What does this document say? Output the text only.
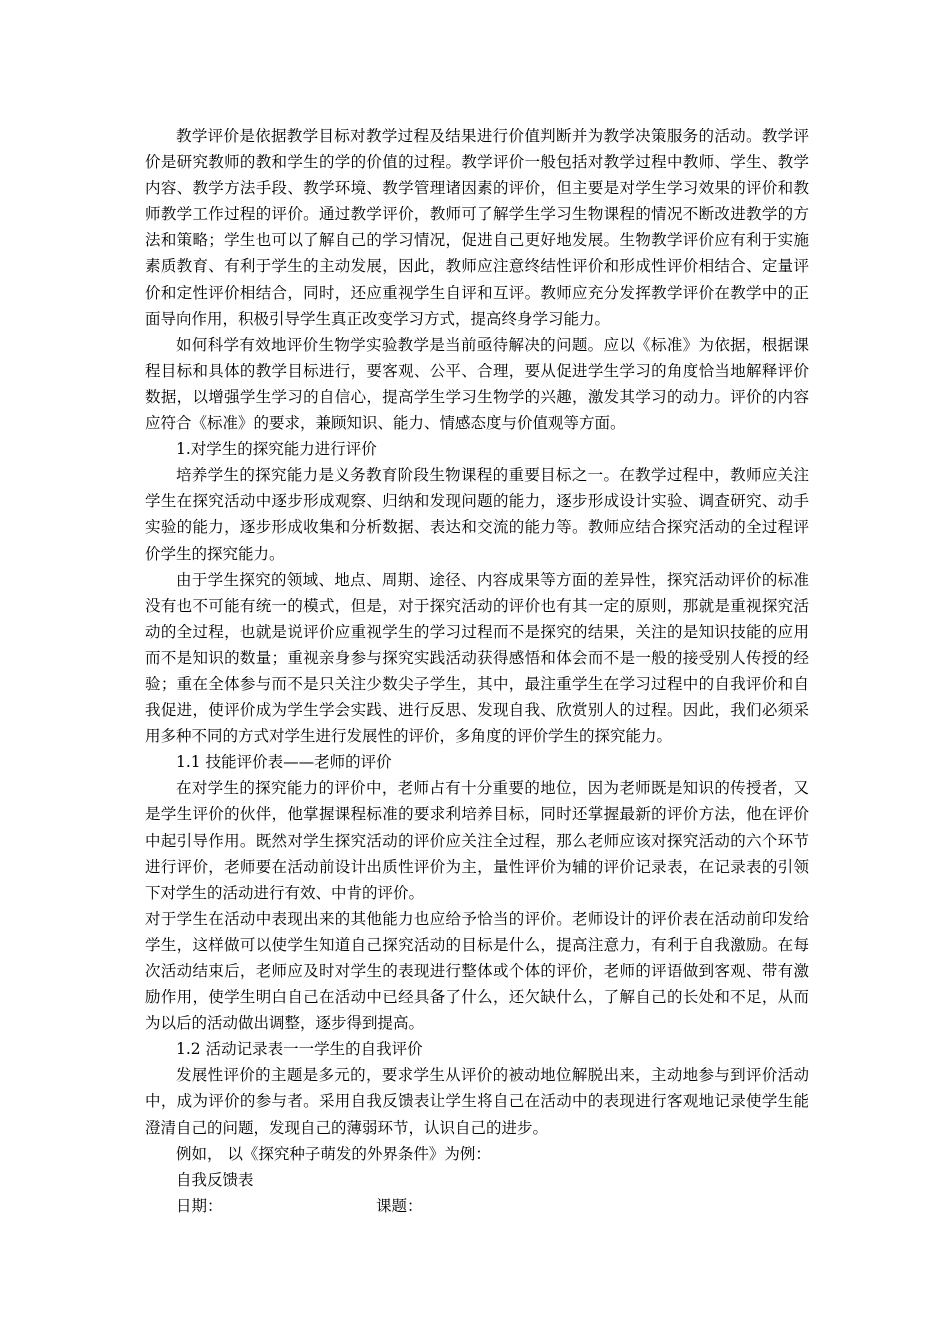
教学评价是依据教学目标对教学过程及结果进行价值判断并为教学决策服务的活动。教学评价是研究教师的教和学生的学的价值的过程。教学评价一般包括对教学过程中教师、学生、教学内容、教学方法手段、教学环境、教学管理诸因素的评价，但主要是对学生学习效果的评价和教师教学工作过程的评价。通过教学评价，教师可了解学生学习生物课程的情况不断改进教学的方法和策略；学生也可以了解自己的学习情况，促进自己更好地发展。生物教学评价应有利于实施素质教育、有利于学生的主动发展，因此，教师应注意终结性评价和形成性评价相结合、定量评价和定性评价相结合，同时，还应重视学生自评和互评。教师应充分发挥教学评价在教学中的正面导向作用，积极引导学生真正改变学习方式，提高终身学习能力。

如何科学有效地评价生物学实验教学是当前亟待解决的问题。应以《标准》为依据，根据课程目标和具体的教学目标进行，要客观、公平、合理，要从促进学生学习的角度恰当地解释评价数据，以增强学生学习的自信心，提高学生学习生物学的兴趣，激发其学习的动力。评价的内容应符合《标准》的要求，兼顾知识、能力、情感态度与价值观等方面。

1.对学生的探究能力进行评价

培养学生的探究能力是义务教育阶段生物课程的重要目标之一。在教学过程中，教师应关注学生在探究活动中逐步形成观察、归纳和发现问题的能力，逐步形成设计实验、调查研究、动手实验的能力，逐步形成收集和分析数据、表达和交流的能力等。教师应结合探究活动的全过程评价学生的探究能力。

由于学生探究的领域、地点、周期、途径、内容成果等方面的差异性，探究活动评价的标准没有也不可能有统一的模式，但是，对于探究活动的评价也有其一定的原则，那就是重视探究活动的全过程，也就是说评价应重视学生的学习过程而不是探究的结果，关注的是知识技能的应用而不是知识的数量；重视亲身参与探究实践活动获得感悟和体会而不是一般的接受别人传授的经验；重在全体参与而不是只关注少数尖子学生，其中，最注重学生在学习过程中的自我评价和自我促进，使评价成为学生学会实践、进行反思、发现自我、欣赏别人的过程。因此，我们必须采用多种不同的方式对学生进行发展性的评价，多角度的评价学生的探究能力。

1.1 技能评价表——老师的评价

在对学生的探究能力的评价中，老师占有十分重要的地位，因为老师既是知识的传授者，又是学生评价的伙伴，他掌握课程标准的要求利培养目标，同时还掌握最新的评价方法，他在评价中起引导作用。既然对学生探究活动的评价应关注全过程，那么老师应该对探究活动的六个环节进行评价，老师要在活动前设计出质性评价为主，量性评价为辅的评价记录表，在记录表的引领下对学生的活动进行有效、中肯的评价。

对于学生在活动中表现出来的其他能力也应给予恰当的评价。老师设计的评价表在活动前印发给学生，这样做可以使学生知道自己探究活动的目标是什么，提高注意力，有利于自我激励。在每次活动结束后，老师应及时对学生的表现进行整体或个体的评价，老师的评语做到客观、带有激励作用，使学生明白自己在活动中已经具备了什么，还欠缺什么，了解自己的长处和不足，从而为以后的活动做出调整，逐步得到提高。

1.2 活动记录表一一学生的自我评价

发展性评价的主题是多元的，要求学生从评价的被动地位解脱出来，主动地参与到评价活动中，成为评价的参与者。采用自我反馈表让学生将自己在活动中的表现进行客观地记录使学生能澄清自己的问题，发现自己的薄弱环节，认识自己的进步。

例如， 以《探究种子萌发的外界条件》为例：

自我反馈表

日期：	课题：
